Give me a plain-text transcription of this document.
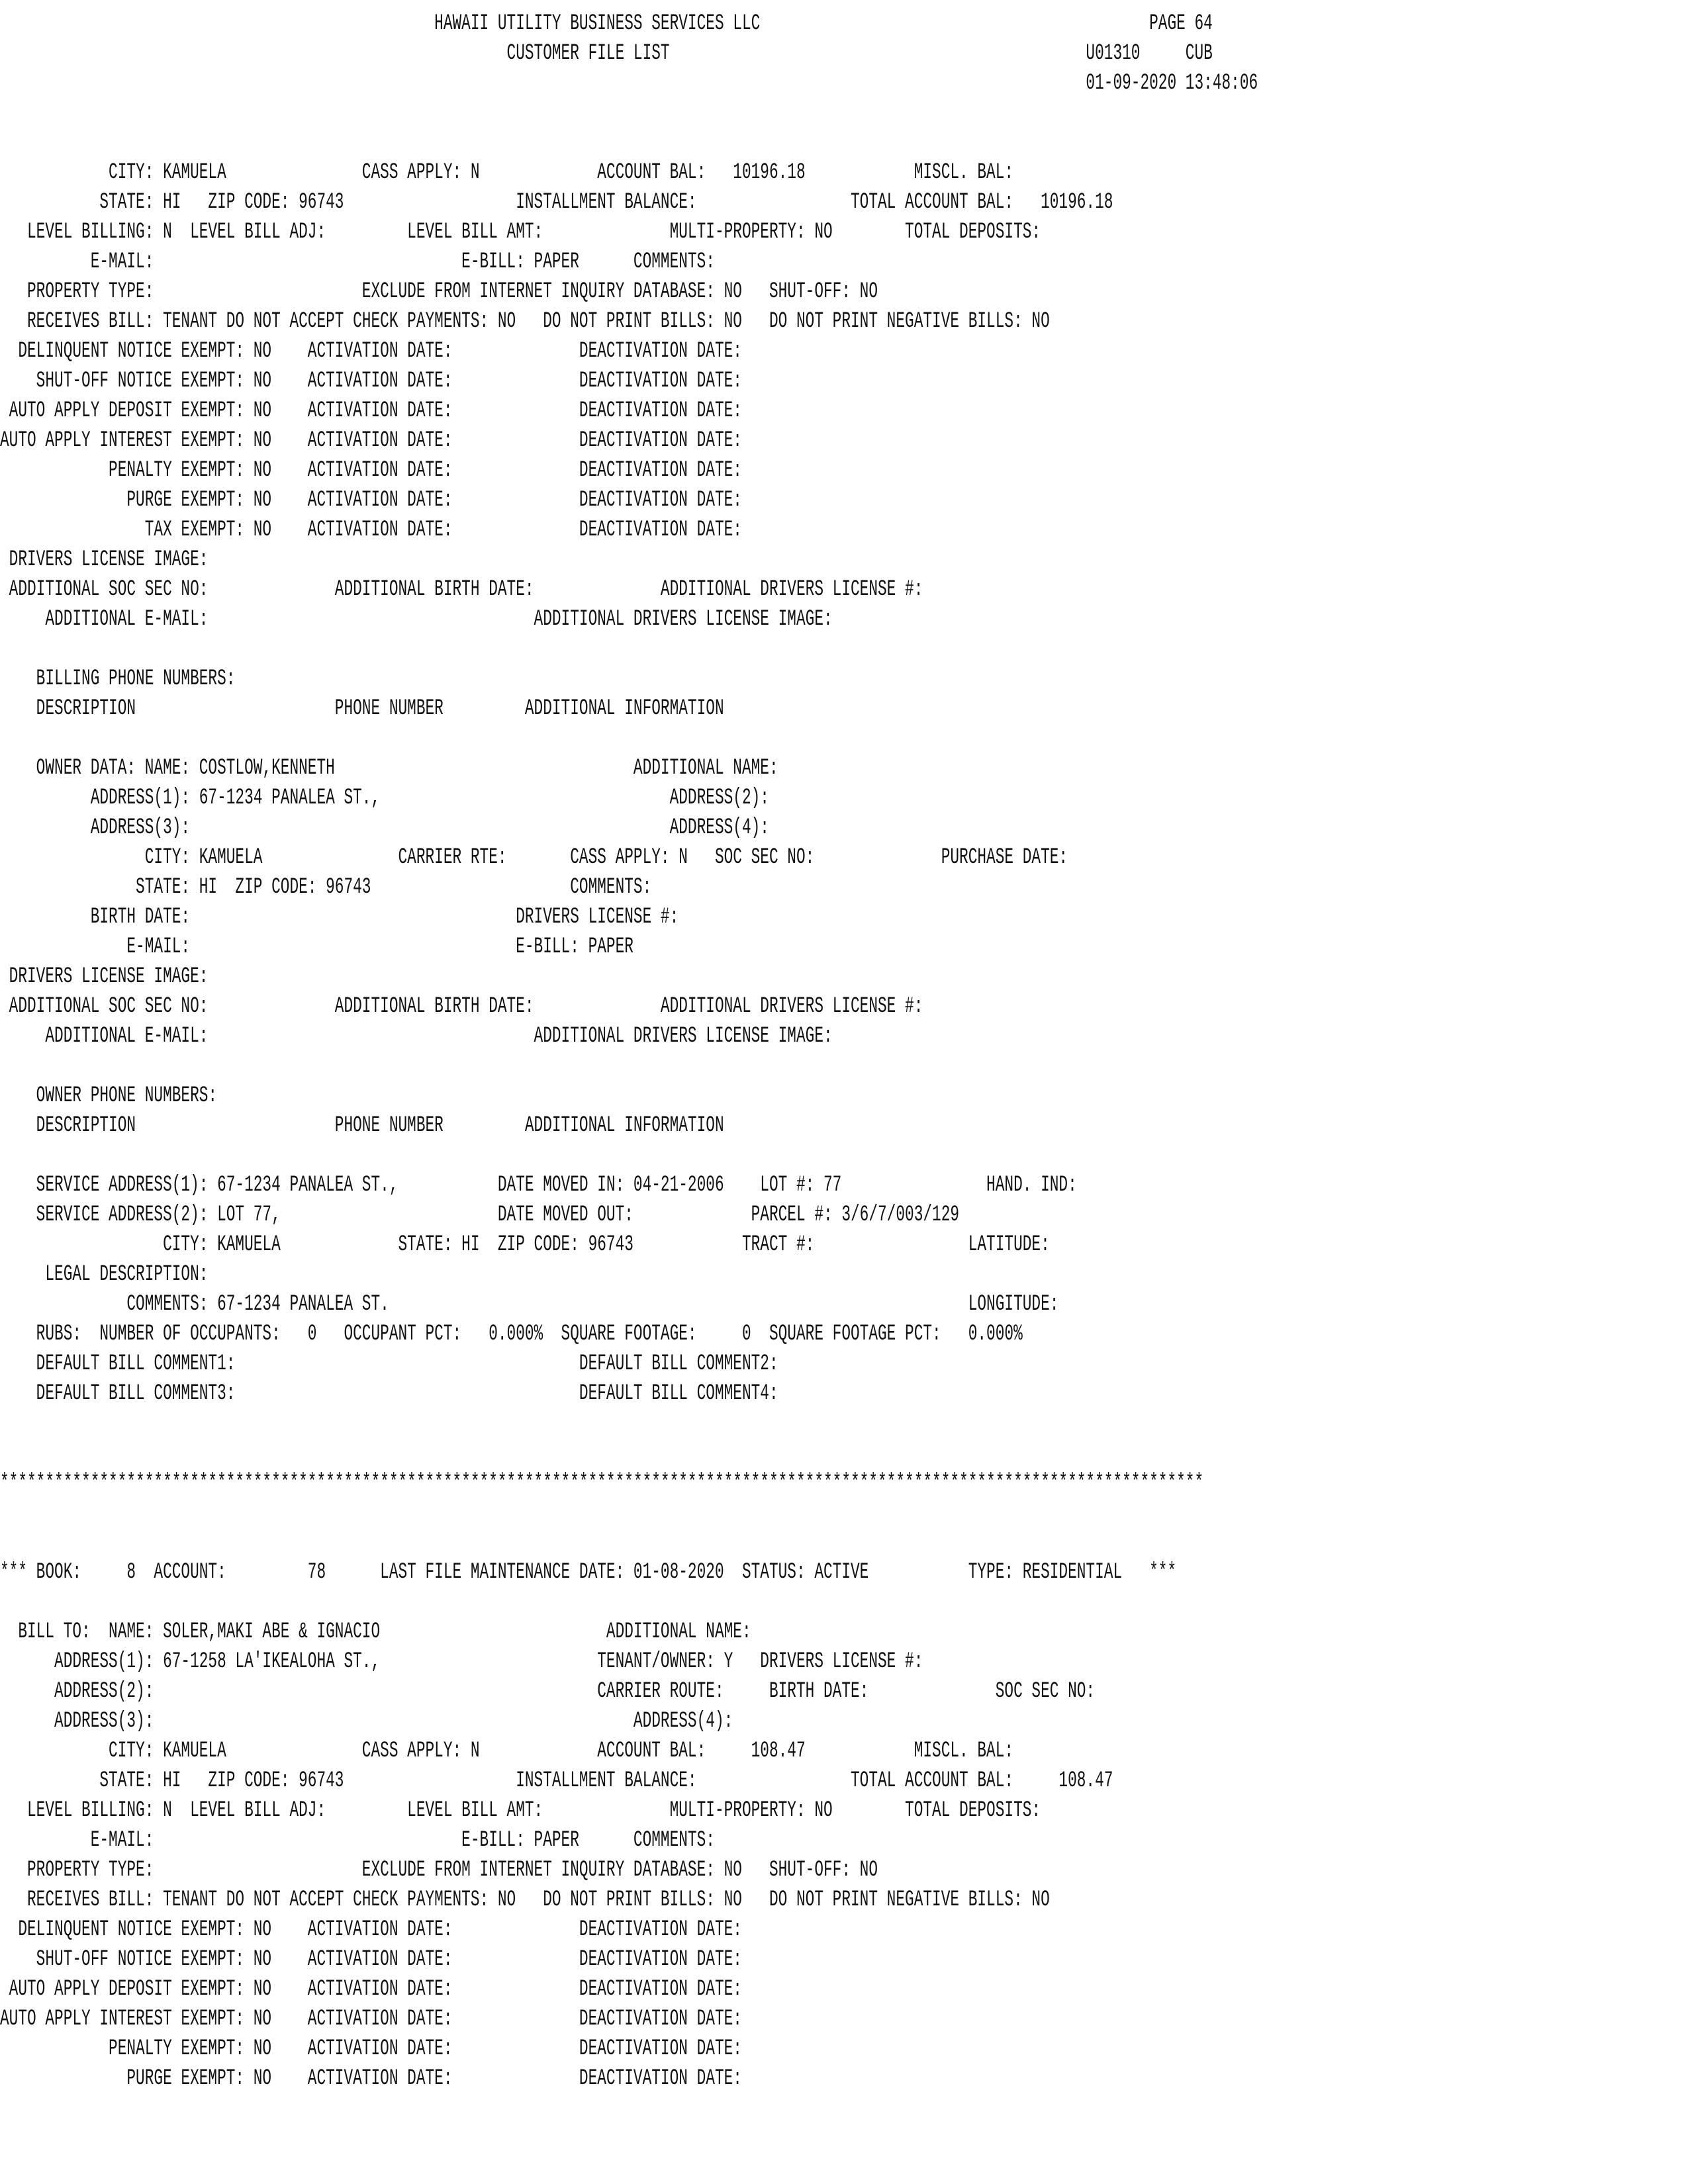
HAWAII UTILITY BUSINESS SERVICES LLC                                           PAGE 64
CUSTOMER FILE LIST                                              U01310     CUB
01-09-2020 13:48:06
CITY: KAMUELA               CASS APPLY: N             ACCOUNT BAL:   10196.18            MISCL. BAL:
STATE: HI   ZIP CODE: 96743                   INSTALLMENT BALANCE:                 TOTAL ACCOUNT BAL:   10196.18
LEVEL BILLING: N  LEVEL BILL ADJ:         LEVEL BILL AMT:              MULTI-PROPERTY: NO        TOTAL DEPOSITS:
E-MAIL:                                  E-BILL: PAPER      COMMENTS:
PROPERTY TYPE:                       EXCLUDE FROM INTERNET INQUIRY DATABASE: NO   SHUT-OFF: NO
RECEIVES BILL: TENANT DO NOT ACCEPT CHECK PAYMENTS: NO   DO NOT PRINT BILLS: NO   DO NOT PRINT NEGATIVE BILLS: NO
DELINQUENT NOTICE EXEMPT: NO    ACTIVATION DATE:              DEACTIVATION DATE:
SHUT-OFF NOTICE EXEMPT: NO    ACTIVATION DATE:              DEACTIVATION DATE:
AUTO APPLY DEPOSIT EXEMPT: NO    ACTIVATION DATE:              DEACTIVATION DATE:
AUTO APPLY INTEREST EXEMPT: NO    ACTIVATION DATE:              DEACTIVATION DATE:
PENALTY EXEMPT: NO    ACTIVATION DATE:              DEACTIVATION DATE:
PURGE EXEMPT: NO    ACTIVATION DATE:              DEACTIVATION DATE:
TAX EXEMPT: NO    ACTIVATION DATE:              DEACTIVATION DATE:
DRIVERS LICENSE IMAGE:
ADDITIONAL SOC SEC NO:              ADDITIONAL BIRTH DATE:              ADDITIONAL DRIVERS LICENSE #:
ADDITIONAL E-MAIL:                                    ADDITIONAL DRIVERS LICENSE IMAGE:
BILLING PHONE NUMBERS:
DESCRIPTION                      PHONE NUMBER         ADDITIONAL INFORMATION
OWNER DATA: NAME: COSTLOW,KENNETH                                 ADDITIONAL NAME:
ADDRESS(1): 67-1234 PANALEA ST.,                                ADDRESS(2):
ADDRESS(3):                                                     ADDRESS(4):
CITY: KAMUELA               CARRIER RTE:       CASS APPLY: N   SOC SEC NO:              PURCHASE DATE:
STATE: HI  ZIP CODE: 96743                      COMMENTS:
BIRTH DATE:                                    DRIVERS LICENSE #:
E-MAIL:                                    E-BILL: PAPER
DRIVERS LICENSE IMAGE:
ADDITIONAL SOC SEC NO:              ADDITIONAL BIRTH DATE:              ADDITIONAL DRIVERS LICENSE #:
ADDITIONAL E-MAIL:                                    ADDITIONAL DRIVERS LICENSE IMAGE:
OWNER PHONE NUMBERS:
DESCRIPTION                      PHONE NUMBER         ADDITIONAL INFORMATION
SERVICE ADDRESS(1): 67-1234 PANALEA ST.,           DATE MOVED IN: 04-21-2006    LOT #: 77                HAND. IND:
SERVICE ADDRESS(2): LOT 77,                        DATE MOVED OUT:             PARCEL #: 3/6/7/003/129
CITY: KAMUELA             STATE: HI  ZIP CODE: 96743            TRACT #:                 LATITUDE:
LEGAL DESCRIPTION:
COMMENTS: 67-1234 PANALEA ST.                                                                LONGITUDE:
RUBS:  NUMBER OF OCCUPANTS:   0   OCCUPANT PCT:   0.000%  SQUARE FOOTAGE:     0  SQUARE FOOTAGE PCT:   0.000%
DEFAULT BILL COMMENT1:                                      DEFAULT BILL COMMENT2:
DEFAULT BILL COMMENT3:                                      DEFAULT BILL COMMENT4:
*************************************************************************************************************************************
*** BOOK:     8  ACCOUNT:         78      LAST FILE MAINTENANCE DATE: 01-08-2020  STATUS: ACTIVE           TYPE: RESIDENTIAL   ***
BILL TO:  NAME: SOLER,MAKI ABE & IGNACIO                         ADDITIONAL NAME:
ADDRESS(1): 67-1258 LA'IKEALOHA ST.,                        TENANT/OWNER: Y   DRIVERS LICENSE #:
ADDRESS(2):                                                 CARRIER ROUTE:     BIRTH DATE:              SOC SEC NO:
ADDRESS(3):                                                     ADDRESS(4):
CITY: KAMUELA               CASS APPLY: N             ACCOUNT BAL:     108.47            MISCL. BAL:
STATE: HI   ZIP CODE: 96743                   INSTALLMENT BALANCE:                 TOTAL ACCOUNT BAL:     108.47
LEVEL BILLING: N  LEVEL BILL ADJ:         LEVEL BILL AMT:              MULTI-PROPERTY: NO        TOTAL DEPOSITS:
E-MAIL:                                  E-BILL: PAPER      COMMENTS:
PROPERTY TYPE:                       EXCLUDE FROM INTERNET INQUIRY DATABASE: NO   SHUT-OFF: NO
RECEIVES BILL: TENANT DO NOT ACCEPT CHECK PAYMENTS: NO   DO NOT PRINT BILLS: NO   DO NOT PRINT NEGATIVE BILLS: NO
DELINQUENT NOTICE EXEMPT: NO    ACTIVATION DATE:              DEACTIVATION DATE:
SHUT-OFF NOTICE EXEMPT: NO    ACTIVATION DATE:              DEACTIVATION DATE:
AUTO APPLY DEPOSIT EXEMPT: NO    ACTIVATION DATE:              DEACTIVATION DATE:
AUTO APPLY INTEREST EXEMPT: NO    ACTIVATION DATE:              DEACTIVATION DATE:
PENALTY EXEMPT: NO    ACTIVATION DATE:              DEACTIVATION DATE:
PURGE EXEMPT: NO    ACTIVATION DATE:              DEACTIVATION DATE:
